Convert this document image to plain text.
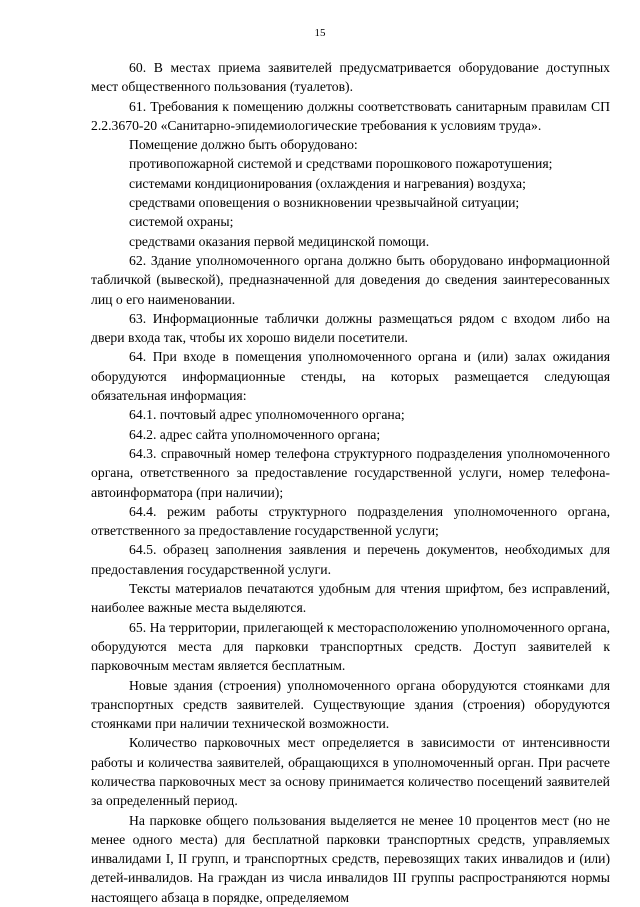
15

60. В местах приема заявителей предусматривается оборудование доступных мест общественного пользования (туалетов).

61. Требования к помещению должны соответствовать санитарным правилам СП 2.2.3670-20 «Санитарно-эпидемиологические требования к условиям труда».

Помещение должно быть оборудовано:

противопожарной системой и средствами порошкового пожаротушения;

системами кондиционирования (охлаждения и нагревания) воздуха;

средствами оповещения о возникновении чрезвычайной ситуации;

системой охраны;

средствами оказания первой медицинской помощи.

62. Здание уполномоченного органа должно быть оборудовано информационной табличкой (вывеской), предназначенной для доведения до сведения заинтересованных лиц о его наименовании.

63. Информационные таблички должны размещаться рядом с входом либо на двери входа так, чтобы их хорошо видели посетители.

64. При входе в помещения уполномоченного органа и (или) залах ожидания оборудуются информационные стенды, на которых размещается следующая обязательная информация:

64.1. почтовый адрес уполномоченного органа;

64.2. адрес сайта уполномоченного органа;

64.3. справочный номер телефона структурного подразделения уполномоченного органа, ответственного за предоставление государственной услуги, номер телефона-автоинформатора (при наличии);

64.4. режим работы структурного подразделения уполномоченного органа, ответственного за предоставление государственной услуги;

64.5. образец заполнения заявления и перечень документов, необходимых для предоставления государственной услуги.

Тексты материалов печатаются удобным для чтения шрифтом, без исправлений, наиболее важные места выделяются.

65. На территории, прилегающей к месторасположению уполномоченного органа, оборудуются места для парковки транспортных средств. Доступ заявителей к парковочным местам является бесплатным.

Новые здания (строения) уполномоченного органа оборудуются стоянками для транспортных средств заявителей. Существующие здания (строения) оборудуются стоянками при наличии технической возможности.

Количество парковочных мест определяется в зависимости от интенсивности работы и количества заявителей, обращающихся в уполномоченный орган. При расчете количества парковочных мест за основу принимается количество посещений заявителей за определенный период.

На парковке общего пользования выделяется не менее 10 процентов мест (но не менее одного места) для бесплатной парковки транспортных средств, управляемых инвалидами I, II групп, и транспортных средств, перевозящих таких инвалидов и (или) детей-инвалидов. На граждан из числа инвалидов III группы распространяются нормы настоящего абзаца в порядке, определяемом
